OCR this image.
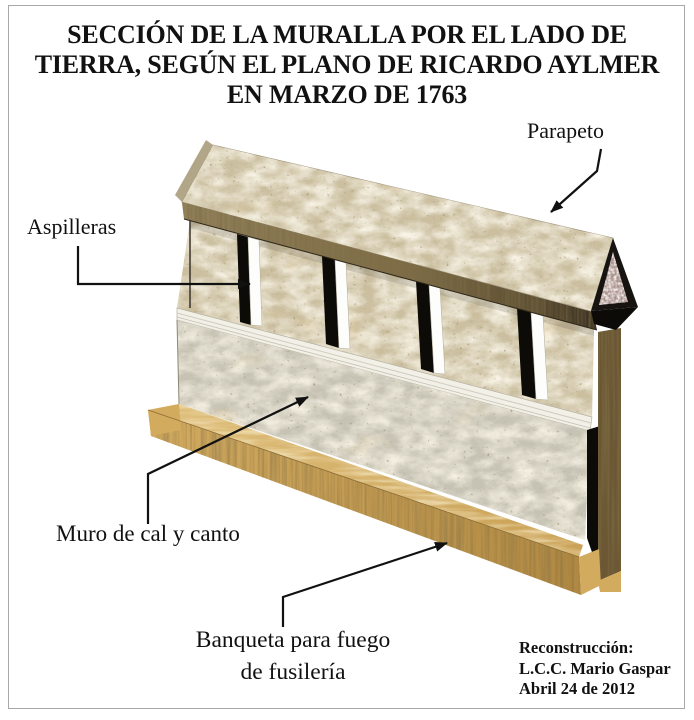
SECCIÓN DE LA MURALLA POR EL LADO DE
TIERRA, SEGÚN EL PLANO DE RICARDO AYLMER
EN MARZO DE 1763
Parapeto
Aspilleras
Muro de cal y canto
Banqueta para fuego
de fusilería
Reconstrucción:
L.C.C. Mario Gaspar
Abril 24 de 2012
